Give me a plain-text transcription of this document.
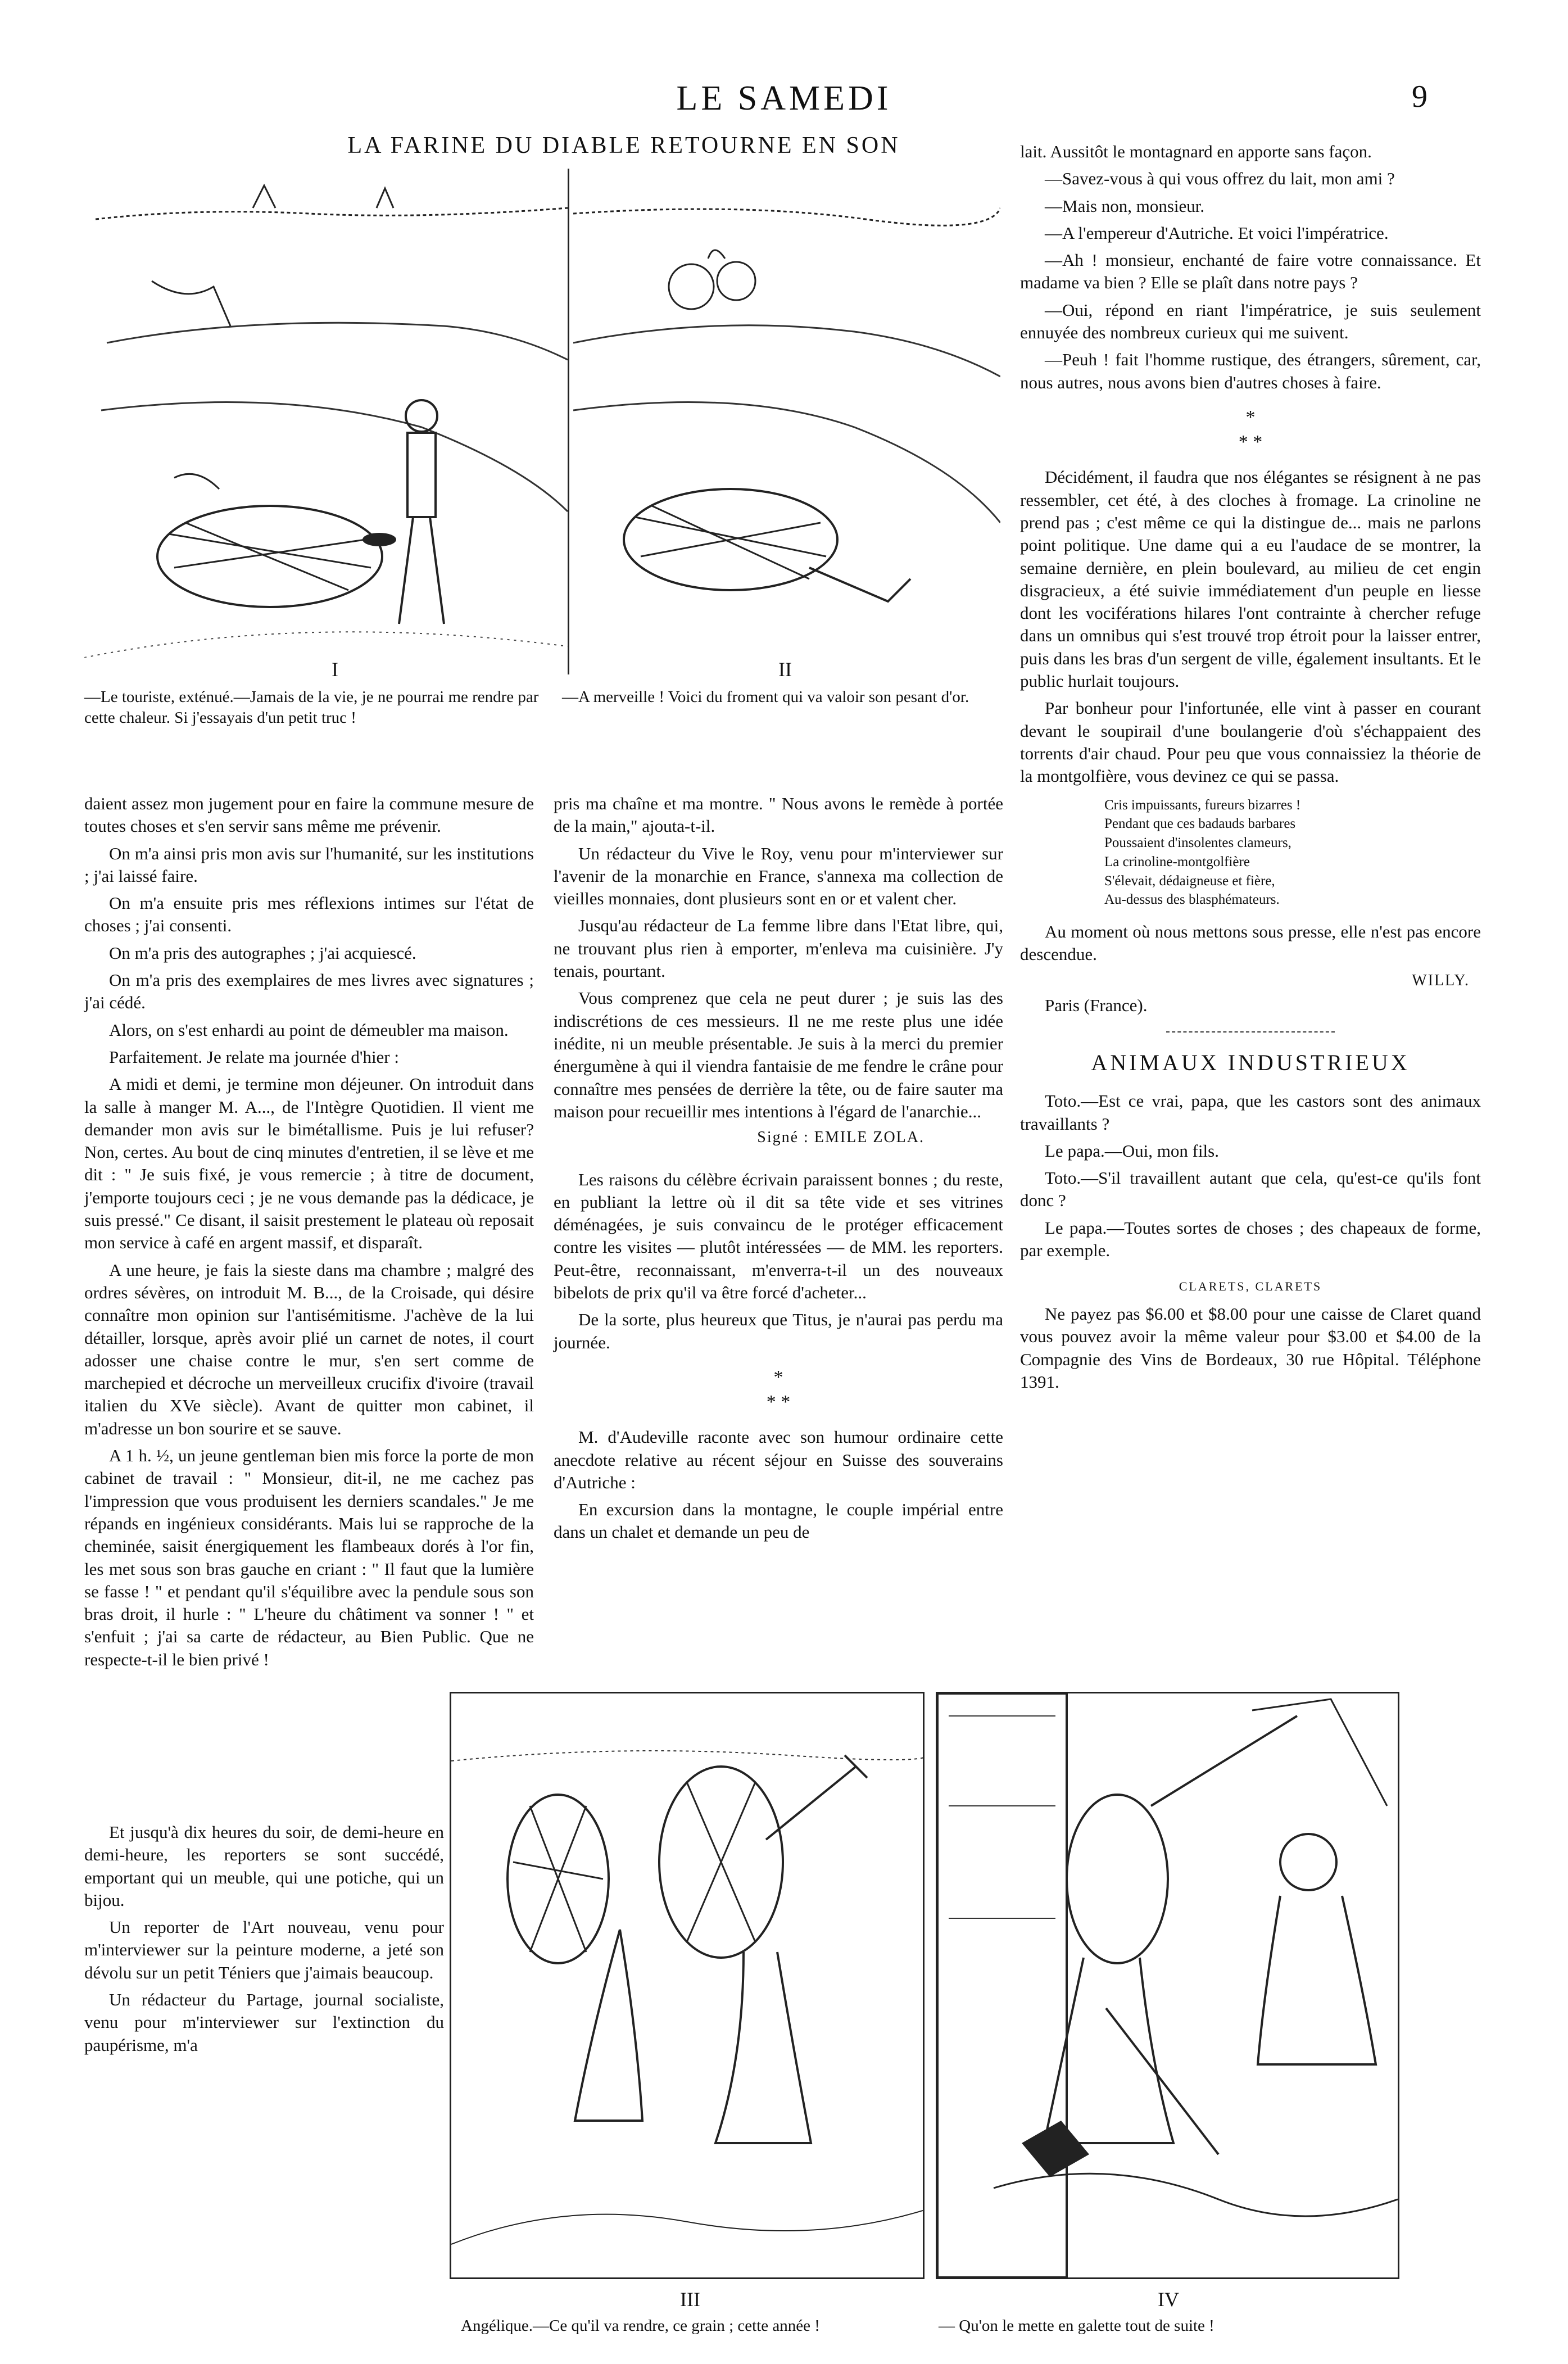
LE SAMEDI	9
LA FARINE DU DIABLE RETOURNE EN SON
I	II
—Le touriste, exténué.—Jamais de la vie, je ne pourrai me rendre par cette chaleur. Si j'essayais d'un petit truc !
—A merveille ! Voici du froment qui va valoir son pesant d'or.

daient assez mon jugement pour en faire la commune mesure de toutes choses et s'en servir sans même me prévenir.

On m'a ainsi pris mon avis sur l'humanité, sur les institutions ; j'ai laissé faire.

On m'a ensuite pris mes réflexions intimes sur l'état de choses ; j'ai consenti.

On m'a pris des autographes ; j'ai acquiescé.

On m'a pris des exemplaires de mes livres avec signatures ; j'ai cédé.

Alors, on s'est enhardi au point de démeubler ma maison.

Parfaitement. Je relate ma journée d'hier :

A midi et demi, je termine mon déjeuner. On introduit dans la salle à manger M. A..., de l'Intègre Quotidien. Il vient me demander mon avis sur le bimétallisme. Puis je lui refuser? Non, certes. Au bout de cinq minutes d'entretien, il se lève et me dit : " Je suis fixé, je vous remercie ; à titre de document, j'emporte toujours ceci ; je ne vous demande pas la dédicace, je suis pressé." Ce disant, il saisit prestement le plateau où reposait mon service à café en argent massif, et disparaît.

A une heure, je fais la sieste dans ma chambre ; malgré des ordres sévères, on introduit M. B..., de la Croisade, qui désire connaître mon opinion sur l'antisémitisme. J'achève de la lui détailler, lorsque, après avoir plié un carnet de notes, il court adosser une chaise contre le mur, s'en sert comme de marchepied et décroche un merveilleux crucifix d'ivoire (travail italien du XVe siècle). Avant de quitter mon cabinet, il m'adresse un bon sourire et se sauve.

A 1 h. ½, un jeune gentleman bien mis force la porte de mon cabinet de travail : " Monsieur, dit-il, ne me cachez pas l'impression que vous produisent les derniers scandales." Je me répands en ingénieux considérants. Mais lui se rapproche de la cheminée, saisit énergiquement les flambeaux dorés à l'or fin, les met sous son bras gauche en criant : " Il faut que la lumière se fasse ! " et pendant qu'il s'équilibre avec la pendule sous son bras droit, il hurle : " L'heure du châtiment va sonner ! " et s'enfuit ; j'ai sa carte de rédacteur, au Bien Public. Que ne respecte-t-il le bien privé !

Et jusqu'à dix heures du soir, de demi-heure en demi-heure, les reporters se sont succédé, emportant qui un meuble, qui une potiche, qui un bijou.

Un reporter de l'Art nouveau, venu pour m'interviewer sur la peinture moderne, a jeté son dévolu sur un petit Téniers que j'aimais beaucoup.

Un rédacteur du Partage, journal socialiste, venu pour m'interviewer sur l'extinction du paupérisme, m'a

pris ma chaîne et ma montre. " Nous avons le remède à portée de la main," ajouta-t-il.

Un rédacteur du Vive le Roy, venu pour m'interviewer sur l'avenir de la monarchie en France, s'annexa ma collection de vieilles monnaies, dont plusieurs sont en or et valent cher.

Jusqu'au rédacteur de La femme libre dans l'Etat libre, qui, ne trouvant plus rien à emporter, m'enleva ma cuisinière. J'y tenais, pourtant.

Vous comprenez que cela ne peut durer ; je suis las des indiscrétions de ces messieurs. Il ne me reste plus une idée inédite, ni un meuble présentable. Je suis à la merci du premier énergumène à qui il viendra fantaisie de me fendre le crâne pour connaître mes pensées de derrière la tête, ou de faire sauter ma maison pour recueillir mes intentions à l'égard de l'anarchie...

Signé : EMILE ZOLA.

Les raisons du célèbre écrivain paraissent bonnes ; du reste, en publiant la lettre où il dit sa tête vide et ses vitrines déménagées, je suis convaincu de le protéger efficacement contre les visites — plutôt intéressées — de MM. les reporters. Peut-être, reconnaissant, m'enverra-t-il un des nouveaux bibelots de prix qu'il va être forcé d'acheter...

De la sorte, plus heureux que Titus, je n'aurai pas perdu ma journée.

*
* *

M. d'Audeville raconte avec son humour ordinaire cette anecdote relative au récent séjour en Suisse des souverains d'Autriche :

En excursion dans la montagne, le couple impérial entre dans un chalet et demande un peu de

lait. Aussitôt le montagnard en apporte sans façon.

—Savez-vous à qui vous offrez du lait, mon ami ?

—Mais non, monsieur.

—A l'empereur d'Autriche. Et voici l'impératrice.

—Ah ! monsieur, enchanté de faire votre connaissance. Et madame va bien ? Elle se plaît dans notre pays ?

—Oui, répond en riant l'impératrice, je suis seulement ennuyée des nombreux curieux qui me suivent.

—Peuh ! fait l'homme rustique, des étrangers, sûrement, car, nous autres, nous avons bien d'autres choses à faire.

*
* *

Décidément, il faudra que nos élégantes se résignent à ne pas ressembler, cet été, à des cloches à fromage. La crinoline ne prend pas ; c'est même ce qui la distingue de... mais ne parlons point politique. Une dame qui a eu l'audace de se montrer, la semaine dernière, en plein boulevard, au milieu de cet engin disgracieux, a été suivie immédiatement d'un peuple en liesse dont les vociférations hilares l'ont contrainte à chercher refuge dans un omnibus qui s'est trouvé trop étroit pour la laisser entrer, puis dans les bras d'un sergent de ville, également insultants. Et le public hurlait toujours.

Par bonheur pour l'infortunée, elle vint à passer en courant devant le soupirail d'une boulangerie d'où s'échappaient des torrents d'air chaud. Pour peu que vous connaissiez la théorie de la montgolfière, vous devinez ce qui se passa.

Cris impuissants, fureurs bizarres !
Pendant que ces badauds barbares
Poussaient d'insolentes clameurs,
La crinoline-montgolfière
S'élevait, dédaigneuse et fière,
Au-dessus des blasphémateurs.

Au moment où nous mettons sous presse, elle n'est pas encore descendue.

WILLY.

Paris (France).

ANIMAUX INDUSTRIEUX

Toto.—Est ce vrai, papa, que les castors sont des animaux travaillants ?

Le papa.—Oui, mon fils.

Toto.—S'il travaillent autant que cela, qu'est-ce qu'ils font donc ?

Le papa.—Toutes sortes de choses ; des chapeaux de forme, par exemple.

CLARETS, CLARETS

Ne payez pas $6.00 et $8.00 pour une caisse de Claret quand vous pouvez avoir la même valeur pour $3.00 et $4.00 de la Compagnie des Vins de Bordeaux, 30 rue Hôpital. Téléphone 1391.

III	IV
Angélique.—Ce qu'il va rendre, ce grain ; cette année !	— Qu'on le mette en galette tout de suite !
